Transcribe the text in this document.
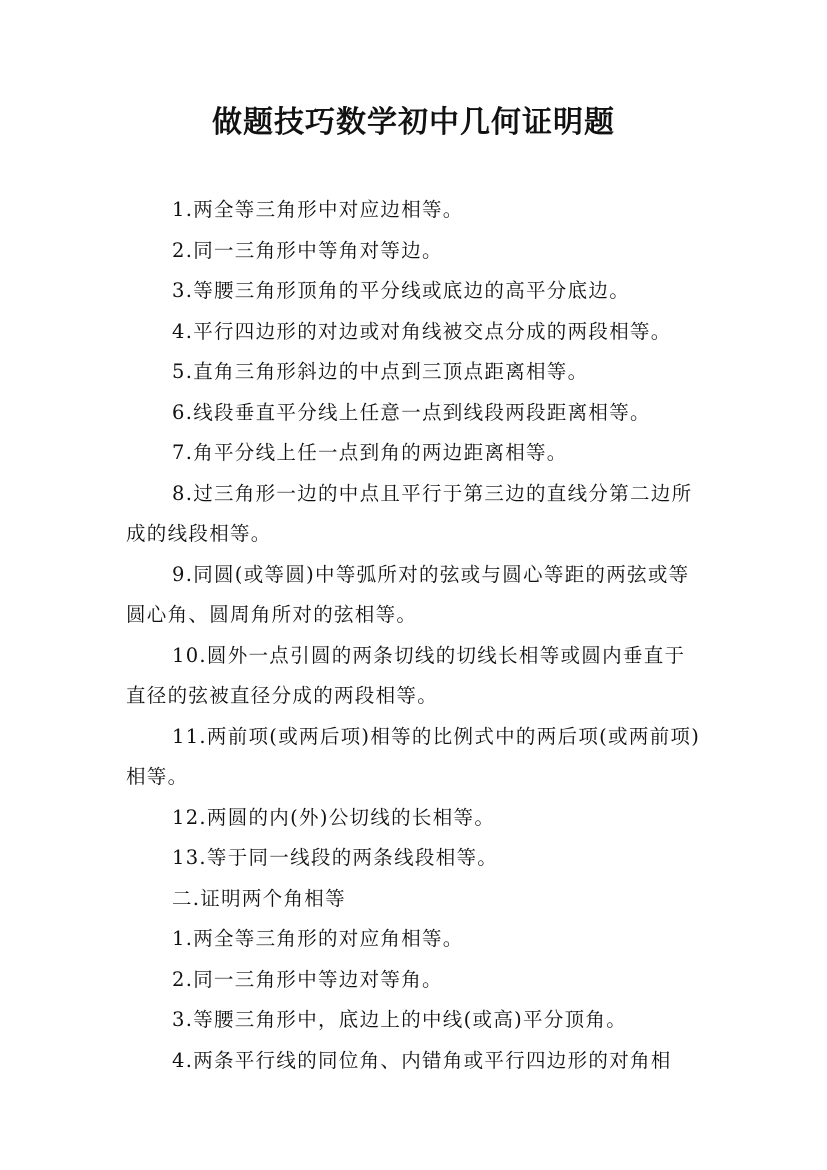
做题技巧数学初中几何证明题

1.两全等三角形中对应边相等。

2.同一三角形中等角对等边。

3.等腰三角形顶角的平分线或底边的高平分底边。

4.平行四边形的对边或对角线被交点分成的两段相等。

5.直角三角形斜边的中点到三顶点距离相等。

6.线段垂直平分线上任意一点到线段两段距离相等。

7.角平分线上任一点到角的两边距离相等。

8.过三角形一边的中点且平行于第三边的直线分第二边所成的线段相等。

9.同圆(或等圆)中等弧所对的弦或与圆心等距的两弦或等圆心角、圆周角所对的弦相等。

10.圆外一点引圆的两条切线的切线长相等或圆内垂直于直径的弦被直径分成的两段相等。

11.两前项(或两后项)相等的比例式中的两后项(或两前项)相等。

12.两圆的内(外)公切线的长相等。

13.等于同一线段的两条线段相等。

二.证明两个角相等

1.两全等三角形的对应角相等。

2.同一三角形中等边对等角。

3.等腰三角形中，底边上的中线(或高)平分顶角。

4.两条平行线的同位角、内错角或平行四边形的对角相
